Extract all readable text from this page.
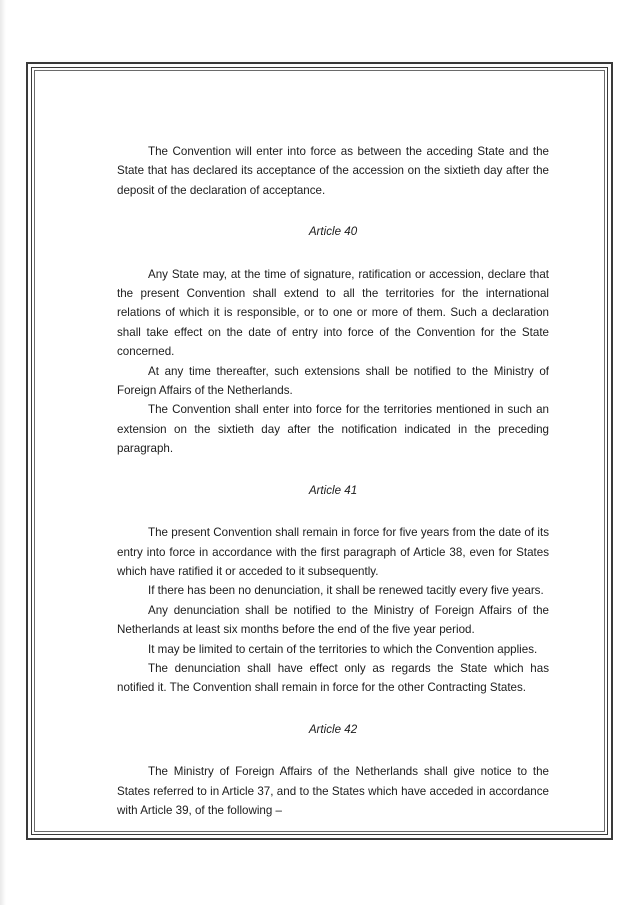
The Convention will enter into force as between the acceding State and the State that has declared its acceptance of the accession on the sixtieth day after the deposit of the declaration of acceptance.

Article 40

Any State may, at the time of signature, ratification or accession, declare that the present Convention shall extend to all the territories for the international relations of which it is responsible, or to one or more of them. Such a declaration shall take effect on the date of entry into force of the Convention for the State concerned.

At any time thereafter, such extensions shall be notified to the Ministry of Foreign Affairs of the Netherlands.

The Convention shall enter into force for the territories mentioned in such an extension on the sixtieth day after the notification indicated in the preceding paragraph.

Article 41

The present Convention shall remain in force for five years from the date of its entry into force in accordance with the first paragraph of Article 38, even for States which have ratified it or acceded to it subsequently.

If there has been no denunciation, it shall be renewed tacitly every five years.

Any denunciation shall be notified to the Ministry of Foreign Affairs of the Netherlands at least six months before the end of the five year period.

It may be limited to certain of the territories to which the Convention applies.

The denunciation shall have effect only as regards the State which has notified it. The Convention shall remain in force for the other Contracting States.

Article 42

The Ministry of Foreign Affairs of the Netherlands shall give notice to the States referred to in Article 37, and to the States which have acceded in accordance with Article 39, of the following –
